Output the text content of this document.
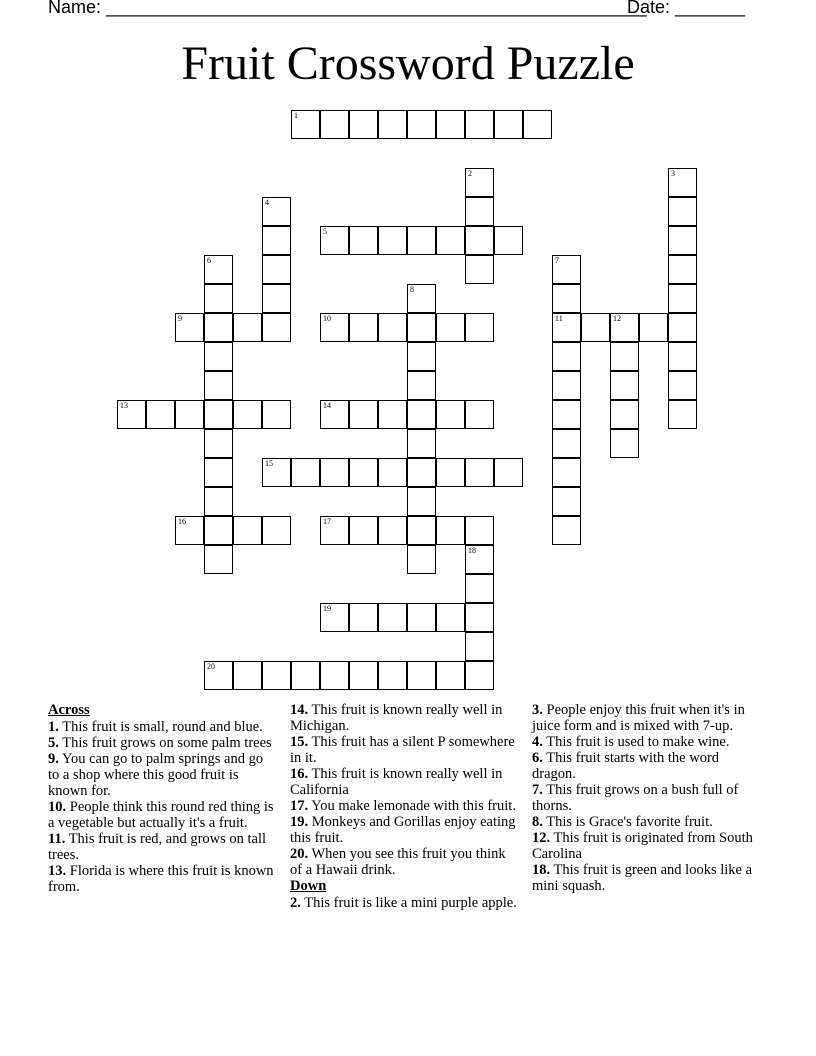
Name: ______________________________________________________
Date: _______
Fruit Crossword Puzzle
1
2	3
4
5
6	7
8
9	10	11	12
13	14
15
16	17
18
19
20
Across
1. This fruit is small, round and blue.
5. This fruit grows on some palm trees
9. You can go to palm springs and go to a shop where this good fruit is known for.
10. People think this round red thing is a vegetable but actually it's a fruit.
11. This fruit is red, and grows on tall trees.
13. Florida is where this fruit is known from.
14. This fruit is known really well in Michigan.
15. This fruit has a silent P somewhere in it.
16. This fruit is known really well in California
17. You make lemonade with this fruit.
19. Monkeys and Gorillas enjoy eating this fruit.
20. When you see this fruit you think of a Hawaii drink.
Down
2. This fruit is like a mini purple apple.
3. People enjoy this fruit when it's in juice form and is mixed with 7-up.
4. This fruit is used to make wine.
6. This fruit starts with the word dragon.
7. This fruit grows on a bush full of thorns.
8. This is Grace's favorite fruit.
12. This fruit is originated from South Carolina
18. This fruit is green and looks like a mini squash.
